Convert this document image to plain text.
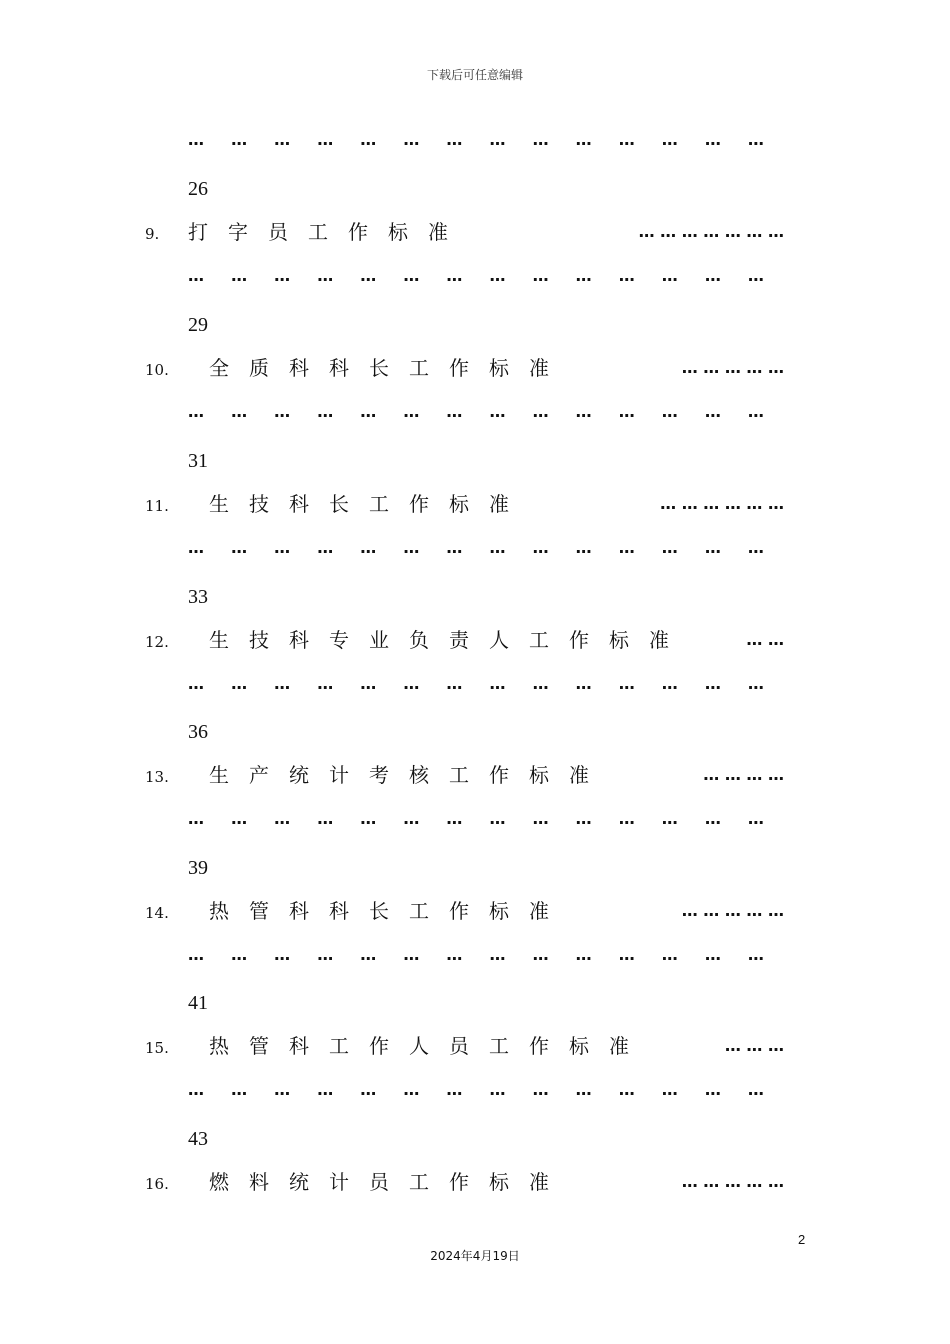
下载后可任意编辑
… … … … … … … … … … … … … …
26
9. 打字员工作标准	… … … … … … …
… … … … … … … … … … … … … …
29
10. 全质科科长工作标准	… … … … …
… … … … … … … … … … … … … …
31
11. 生技科长工作标准	… … … … … …
… … … … … … … … … … … … … …
33
12. 生技科专业负责人工作标准	… …
… … … … … … … … … … … … … …
36
13. 生产统计考核工作标准	… … … …
… … … … … … … … … … … … … …
39
14. 热管科科长工作标准	… … … … …
… … … … … … … … … … … … … …
41
15. 热管科工作人员工作标准	… … …
… … … … … … … … … … … … … …
43
16. 燃料统计员工作标准	… … … … …
2
2024年4月19日
